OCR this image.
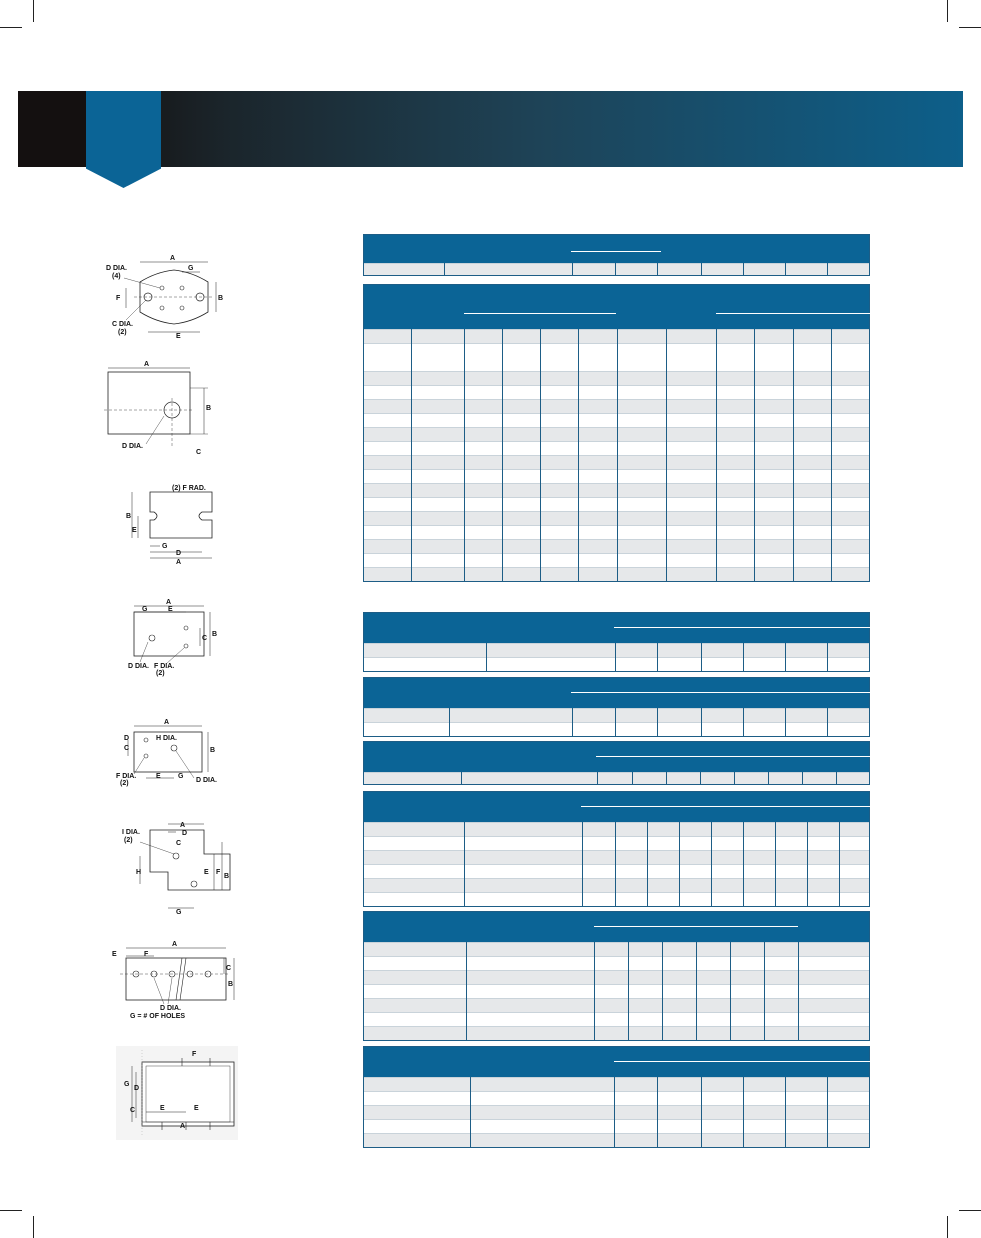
A
G
D DIA.
(4)
F	B
C DIA.
(2)
E
A
B
D DIA.
C
(2) F RAD.
B
E
G
D
A
A
G	E
B
C
D DIA. F DIA.
(2)
A
H DIA.
D
C	B
F DIA.
(2)
E G
D DIA.
A
D
I DIA.
(2)	C
H	E F
B
G
A
E	F
C
B
D DIA.
G = # OF HOLES
F
G
D
A
E	E
C
